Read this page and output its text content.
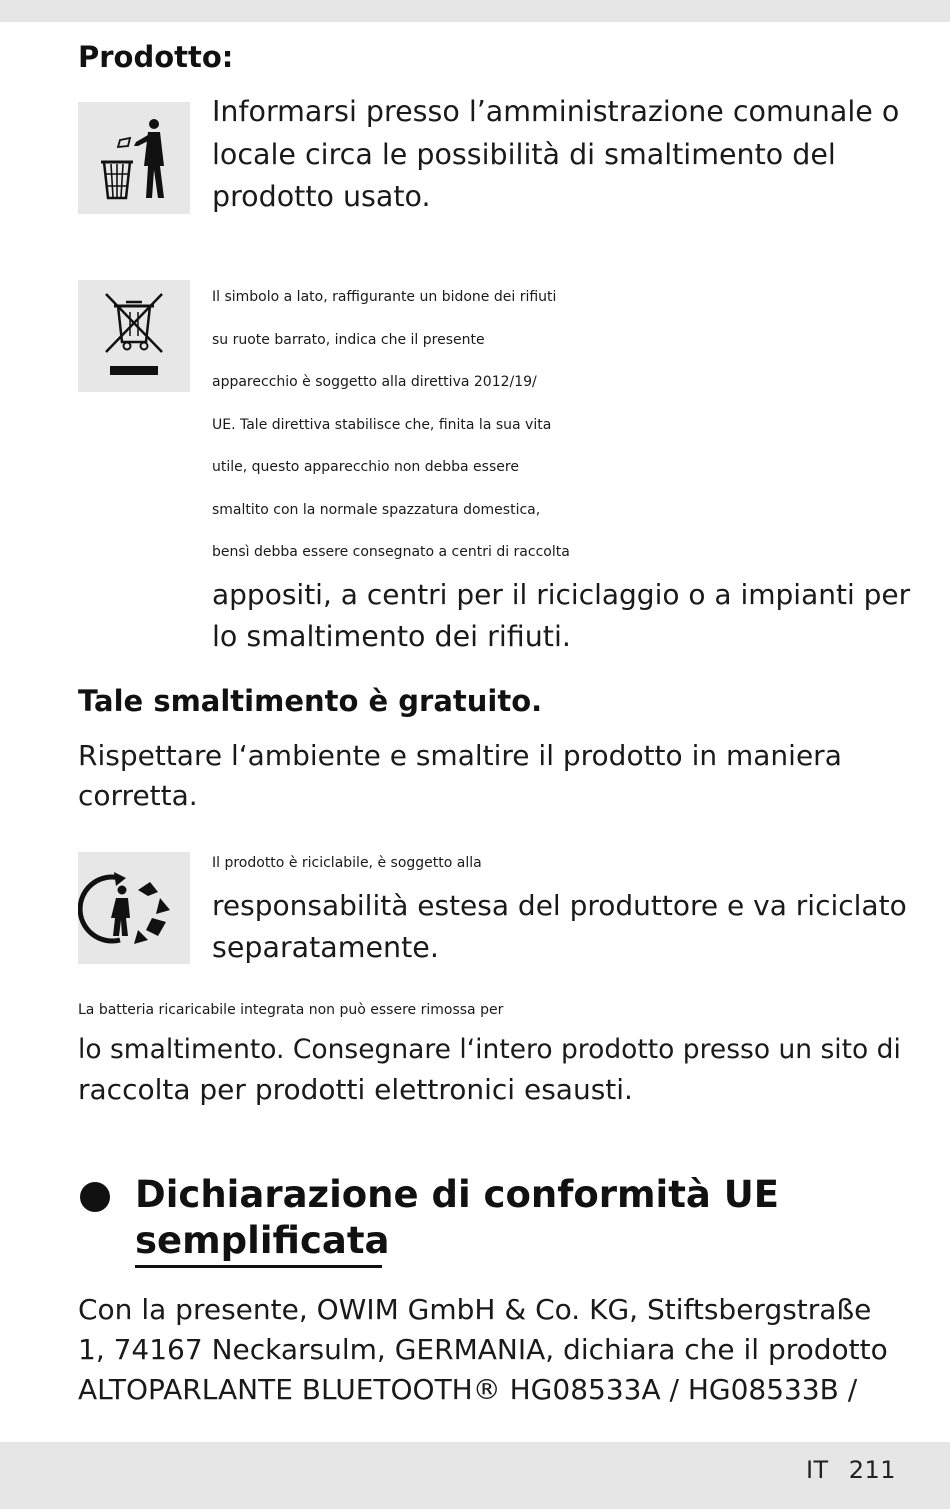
Prodotto:
Informarsi presso l’amministrazione comunale o
locale circa le possibilità di smaltimento del
prodotto usato.
Il simbolo a lato, raffigurante un bidone dei rifiuti
su ruote barrato, indica che il presente
apparecchio è soggetto alla direttiva 2012/19/
UE. Tale direttiva stabilisce che, finita la sua vita
utile, questo apparecchio non debba essere
smaltito con la normale spazzatura domestica,
bensì debba essere consegnato a centri di raccolta
appositi, a centri per il riciclaggio o a impianti per
lo smaltimento dei rifiuti.
Tale smaltimento è gratuito.
Rispettare l‘ambiente e smaltire il prodotto in maniera
corretta.
Il prodotto è riciclabile, è soggetto alla
responsabilità estesa del produttore e va riciclato
separatamente.
La batteria ricaricabile integrata non può essere rimossa per
lo smaltimento. Consegnare l‘intero prodotto presso un sito di
raccolta per prodotti elettronici esausti.
Dichiarazione di conformità UE
semplificata
Con la presente, OWIM GmbH & Co. KG, Stiftsbergstraße
1, 74167 Neckarsulm, GERMANIA, dichiara che il prodotto
ALTOPARLANTE BLUETOOTH® HG08533A / HG08533B /
IT 211
